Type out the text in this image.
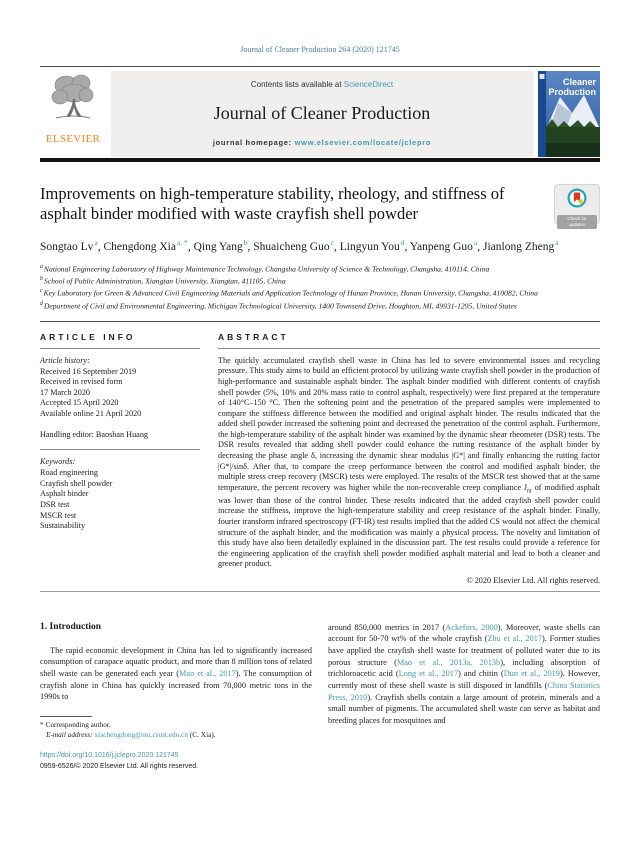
Journal of Cleaner Production 264 (2020) 121745
ELSEVIER
Contents lists available at ScienceDirect
Journal of Cleaner Production
journal homepage: www.elsevier.com/locate/jclepro
Cleaner
Production
Improvements on high-temperature stability, rheology, and stiffness of asphalt binder modified with waste crayfish shell powder	Check for
updates
Songtao Lv$^a$, Chengdong Xia$^{a, *}$, Qing Yang$^b$, Shuaicheng Guo$^c$, Lingyun You$^d$, Yanpeng Guo$^a$, Jianlong Zheng$^a$
$^a$National Engineering Laboratory of Highway Maintenance Technology, Changsha University of Science & Technology, Changsha, 410114, China
$^b$School of Public Administration, Xiangtan University, Xiangtan, 411105, China
$^c$Key Laboratory for Green & Advanced Civil Engineering Materials and Application Technology of Hunan Province, Hunan University, Changsha, 410082, China
$^d$Department of Civil and Environmental Engineering, Michigan Technological University, 1400 Townsend Drive, Houghton, MI, 49931-1295, United States
ARTICLE INFO
Article history:
Received 16 September 2019
Received in revised form
17 March 2020
Accepted 15 April 2020
Available online 21 April 2020
Handling editor: Baoshan Huang
Keywords:
Road engineering
Crayfish shell powder
Asphalt binder
DSR test
MSCR test
Sustainability
ABSTRACT

The quickly accumulated crayfish shell waste in China has led to severe environmental issues and recycling pressure. This study aims to build an efficient protocol by utilizing waste crayfish shell powder in the production of high-performance and sustainable asphalt binder. The asphalt binder modified with different contents of crayfish shell powder (5%, 10% and 20% mass ratio to control asphalt, respectively) were first prepared at the temperature of 140°C–150 °C. Then the softening point and the penetration of the prepared samples were implemented to compare the stiffness difference between the modified and original asphalt binder. The results indicated that the added shell powder increased the softening point and decreased the penetration of the control asphalt. Furthermore, the high-temperature stability of the asphalt binder was examined by the dynamic shear rheometer (DSR) tests. The DSR results revealed that adding shell powder could enhance the rutting resistance of the asphalt binder by decreasing the phase angle δ, increasing the dynamic shear modulus |G*| and finally enhancing the rutting factor |G*|/sinδ. After that, to compare the creep performance between the control and modified asphalt binder, the multiple stress creep recovery (MSCR) tests were employed. The results of the MSCR test showed that at the same temperature, the percent recovery was higher while the non-recoverable creep compliance $J_{nr}$ of modified asphalt was lower than those of the control binder. These results indicated that the added crayfish shell powder could increase the stiffness, improve the high-temperature stability and creep resistance of the asphalt binder. Finally, fourier transform infrared spectroscopy (FT-IR) test results implied that the added CS would not affect the chemical structure of the asphalt binder, and the modification was mainly a physical process. The novelty and limitation of this study have also been detailedly explained in the discussion part. The test results could provide a reference for the engineering application of the crayfish shell powder modified asphalt material and lead to both a cleaner and greener product.

© 2020 Elsevier Ltd. All rights reserved.
1. Introduction

The rapid economic development in China has led to significantly increased consumption of carapace aquatic product, and more than 8 million tons of related shell waste can be generated each year (Mao et al., 2017). The consumption of crayfish alone in China has quickly increased from 70,000 metric tons in the 1990s to

* Corresponding author.
E-mail address: xiachengdong@stu.csust.edu.cn (C. Xia).
https://doi.org/10.1016/j.jclepro.2020.121745
0959-6526/© 2020 Elsevier Ltd. All rights reserved.

around 850,000 metrics in 2017 (Ackefors, 2000). Moreover, waste shells can account for 50-70 wt% of the whole crayfish (Zhu et al., 2017). Former studies have applied the crayfish shell waste for treatment of polluted water due to its porous structure (Mao et al., 2013a, 2013b), including absorption of trichloroacetic acid (Long et al., 2017) and chitin (Dun et al., 2019). However, currently most of these shell waste is still disposed in landfills (China Statistics Press, 2010). Crayfish shells contain a large amount of protein, minerals and a small number of pigments. The accumulated shell waste can serve as habitat and breeding places for mosquitoes and
